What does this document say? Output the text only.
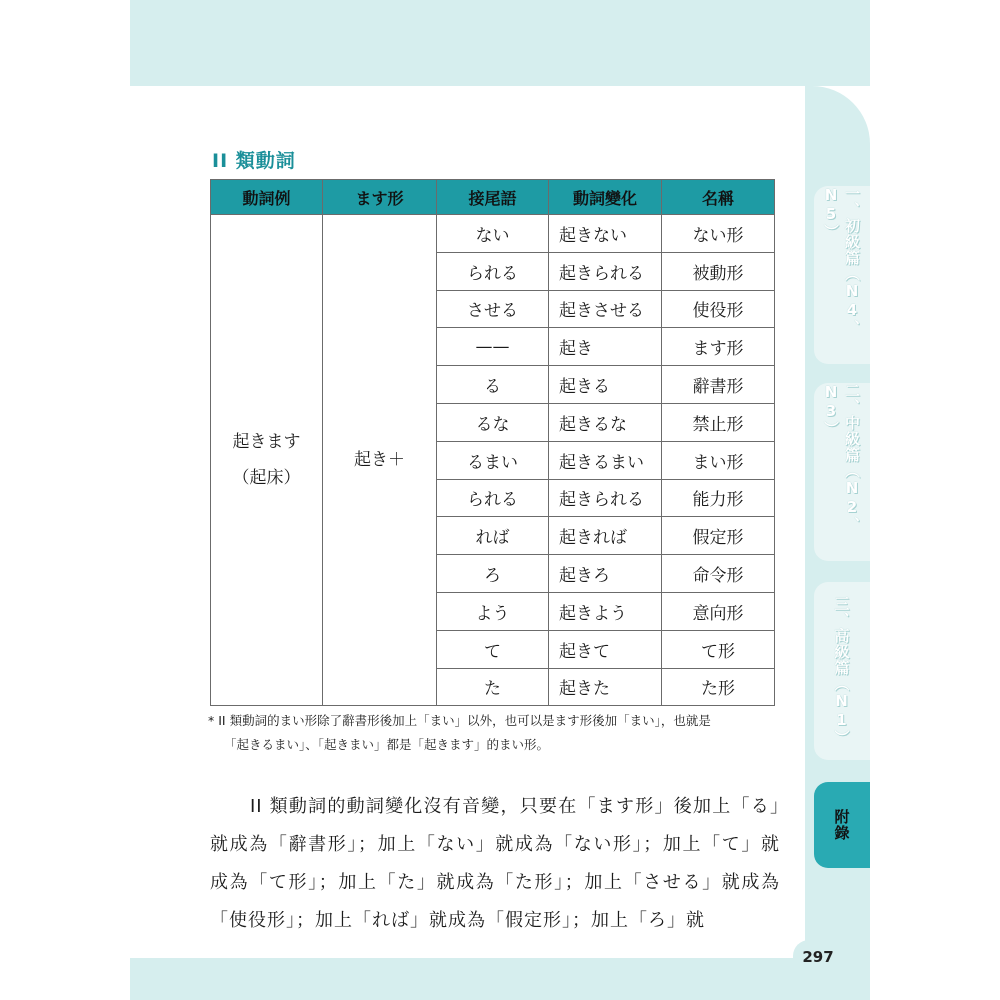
II 類動詞
動詞例	ます形	接尾語	動詞變化	名稱

起きます
（起床）	起き＋	ない	起きない	ない形
		られる	起きられる	被動形
		させる	起きさせる	使役形
		——	起き	ます形
		る	起きる	辭書形
		るな	起きるな	禁止形
		るまい	起きるまい	まい形
		られる	起きられる	能力形
		れば	起きれば	假定形
		ろ	起きろ	命令形
		よう	起きよう	意向形
		て	起きて	て形
		た	起きた	た形
* II 類動詞的まい形除了辭書形後加上「まい」以外，也可以是ます形後加「まい」，也就是
「起きるまい」、「起きまい」都是「起きます」的まい形。
II 類動詞的動詞變化沒有音變，只要在「ます形」後加上「る」就成為「辭書形」；加上「ない」就成為「ない形」；加上「て」就成為「て形」；加上「た」就成為「た形」；加上「させる」就成為「使役形」；加上「れば」就成為「假定形」；加上「ろ」就
一、初級篇（N4、N5）
二、中級篇（N2、N3）
三、高級篇（N1）
附錄
297
